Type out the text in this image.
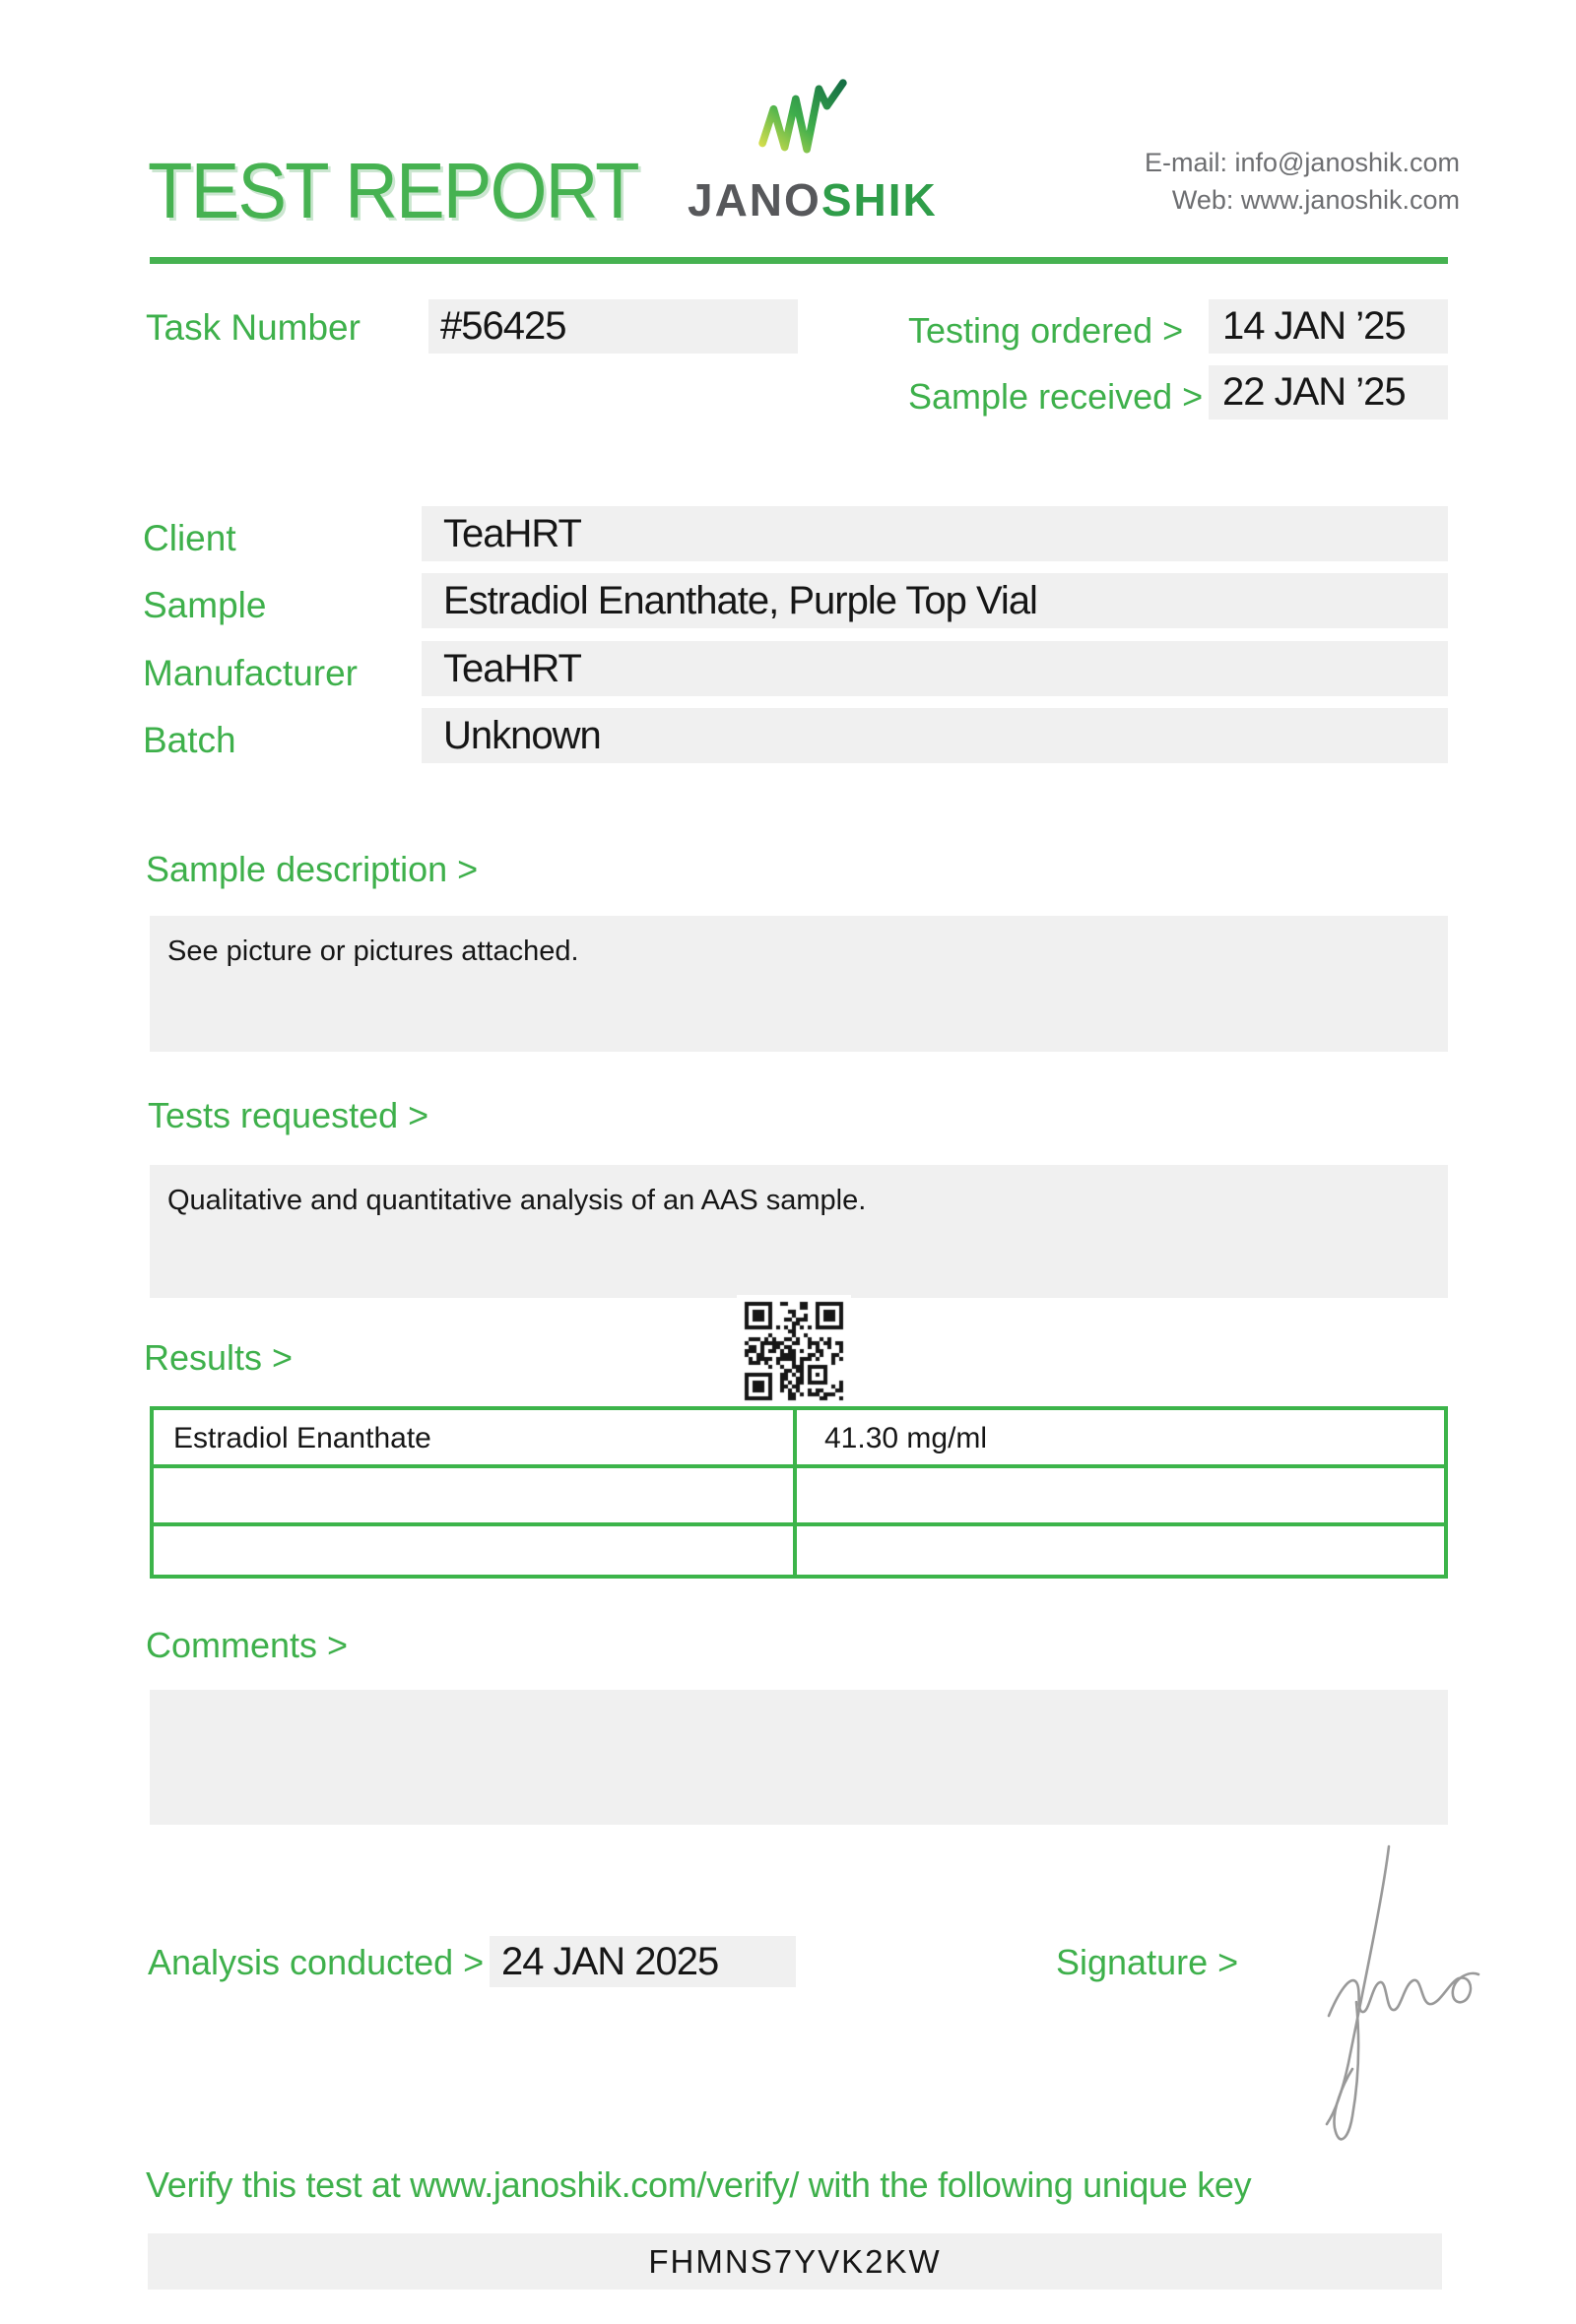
TEST REPORT JANOSHIK
E-mail: info@janoshik.com
Web: www.janoshik.com
Task Number	#56425	Testing ordered > 14 JAN ’25
Sample received > 22 JAN ’25
Client	TeaHRT
Sample	Estradiol Enanthate, Purple Top Vial
Manufacturer	TeaHRT
Batch	Unknown
Sample description >
See picture or pictures attached.
Tests requested >
Qualitative and quantitative analysis of an AAS sample.
Results >
Estradiol Enanthate	41.30 mg/ml
Comments >
Analysis conducted > 24 JAN 2025	Signature >
Verify this test at www.janoshik.com/verify/ with the following unique key
FHMNS7YVK2KW
